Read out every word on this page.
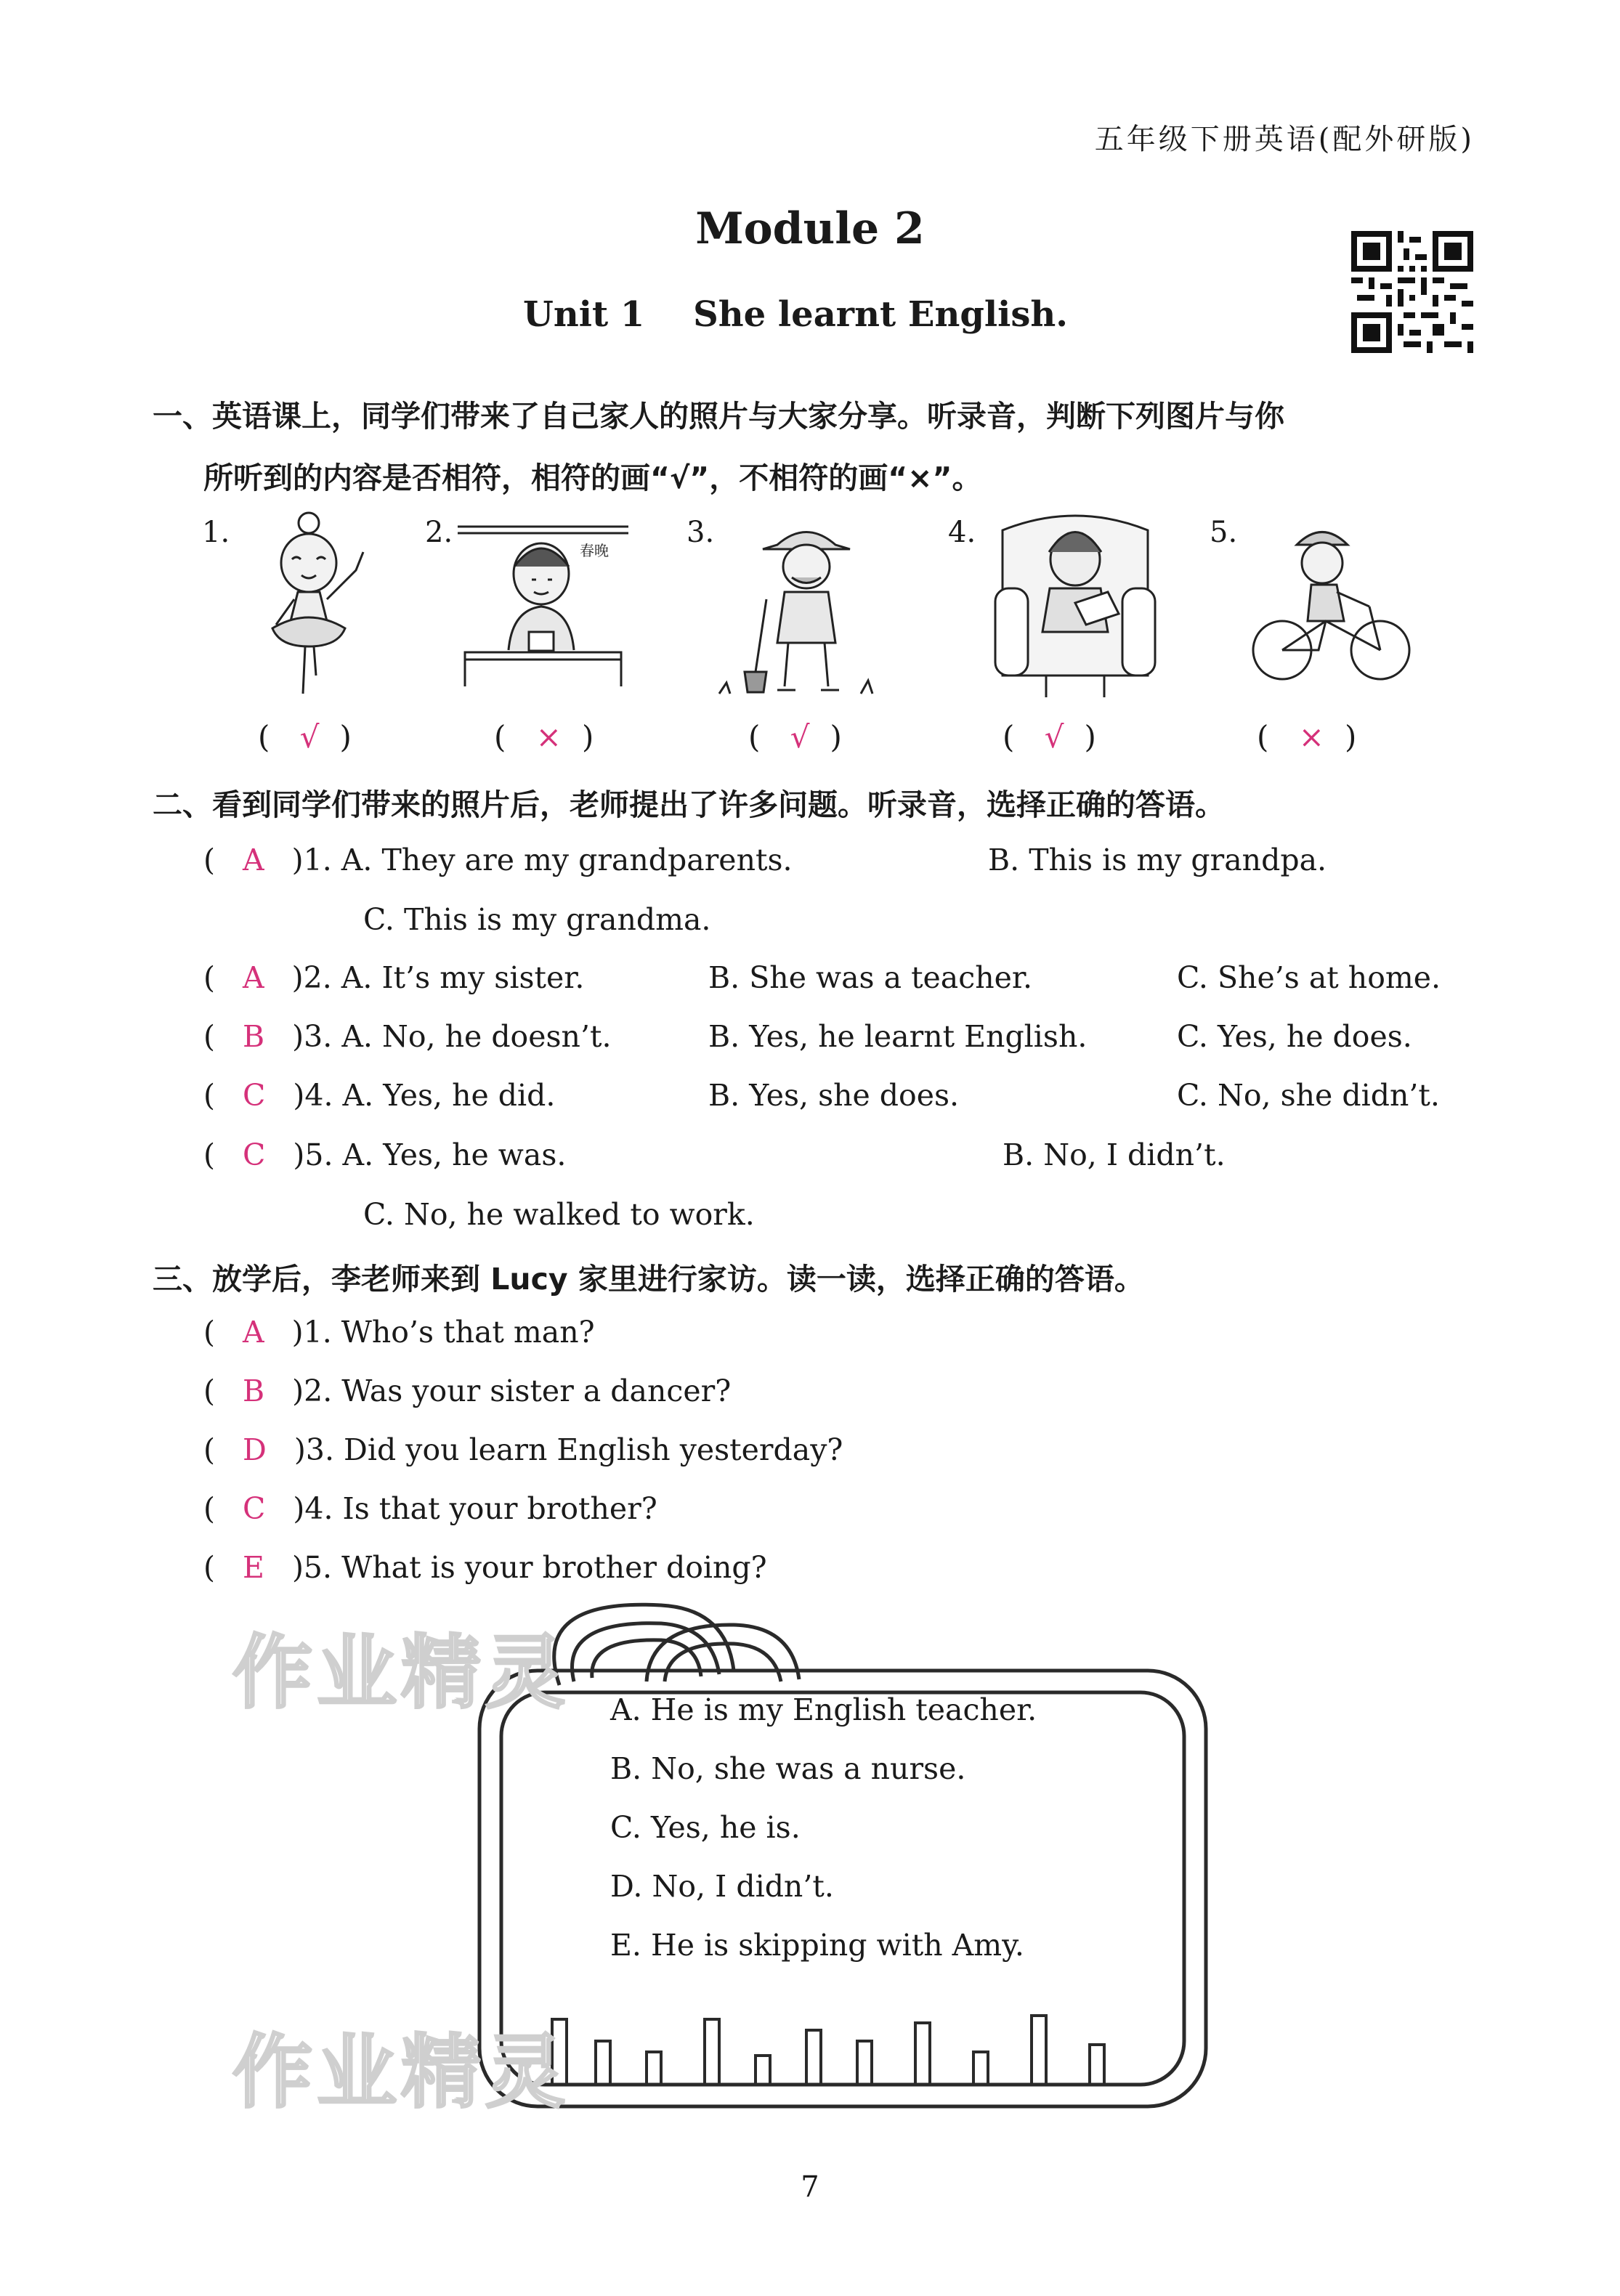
五年级下册英语(配外研版)
Module 2
Unit 1    She learnt English.
一、英语课上，同学们带来了自己家人的照片与大家分享。听录音，判断下列图片与你
所听到的内容是否相符，相符的画“√”，不相符的画“×”。
1.	2.	3.	4.	5.
春晚
( √ )	( × )	( √ )	( √ )	( × )
二、看到同学们带来的照片后，老师提出了许多问题。听录音，选择正确的答语。
( A )1. A. They are my grandparents.	B. This is my grandpa.
C. This is my grandma.
( A )2. A. It’s my sister.	B. She was a teacher.	C. She’s at home.
( B )3. A. No, he doesn’t.	B. Yes, he learnt English.	C. Yes, he does.
( C )4. A. Yes, he did.	B. Yes, she does.	C. No, she didn’t.
( C )5. A. Yes, he was.	B. No, I didn’t.
C. No, he walked to work.
三、放学后，李老师来到 Lucy 家里进行家访。读一读，选择正确的答语。
( A )1. Who’s that man?
( B )2. Was your sister a dancer?
( D )3. Did you learn English yesterday?
( C )4. Is that your brother?
( E )5. What is your brother doing?
A. He is my English teacher.
B. No, she was a nurse.
C. Yes, he is.
D. No, I didn’t.
E. He is skipping with Amy.
作业精灵
作业精灵
7
